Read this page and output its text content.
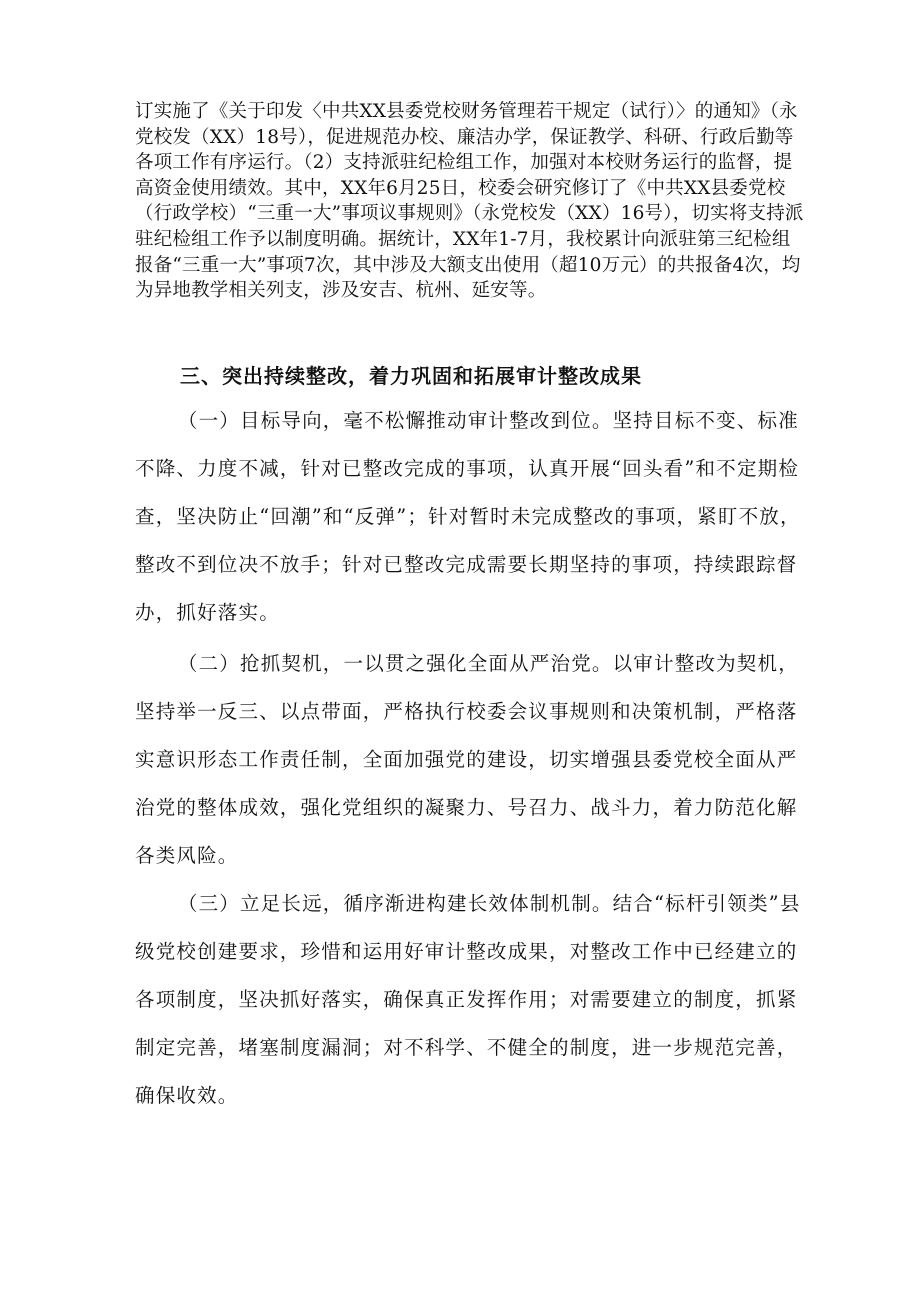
订实施了《关于印发〈中共XX县委党校财务管理若干规定（试行）〉的通知》（永党校发（XX）18号），促进规范办校、廉洁办学，保证教学、科研、行政后勤等各项工作有序运行。（2）支持派驻纪检组工作，加强对本校财务运行的监督，提高资金使用绩效。其中，XX年6月25日，校委会研究修订了《中共XX县委党校（行政学校）“三重一大”事项议事规则》（永党校发（XX）16号），切实将支持派驻纪检组工作予以制度明确。据统计，XX年1-7月，我校累计向派驻第三纪检组报备“三重一大”事项7次，其中涉及大额支出使用（超10万元）的共报备4次，均为异地教学相关列支，涉及安吉、杭州、延安等。

三、突出持续整改，着力巩固和拓展审计整改成果

（一）目标导向，毫不松懈推动审计整改到位。坚持目标不变、标准不降、力度不减，针对已整改完成的事项，认真开展“回头看”和不定期检查，坚决防止“回潮”和“反弹”；针对暂时未完成整改的事项，紧盯不放，整改不到位决不放手；针对已整改完成需要长期坚持的事项，持续跟踪督办，抓好落实。

（二）抢抓契机，一以贯之强化全面从严治党。以审计整改为契机，坚持举一反三、以点带面，严格执行校委会议事规则和决策机制，严格落实意识形态工作责任制，全面加强党的建设，切实增强县委党校全面从严治党的整体成效，强化党组织的凝聚力、号召力、战斗力，着力防范化解各类风险。

（三）立足长远，循序渐进构建长效体制机制。结合“标杆引领类”县级党校创建要求，珍惜和运用好审计整改成果，对整改工作中已经建立的各项制度，坚决抓好落实，确保真正发挥作用；对需要建立的制度，抓紧制定完善，堵塞制度漏洞；对不科学、不健全的制度，进一步规范完善，确保收效。
